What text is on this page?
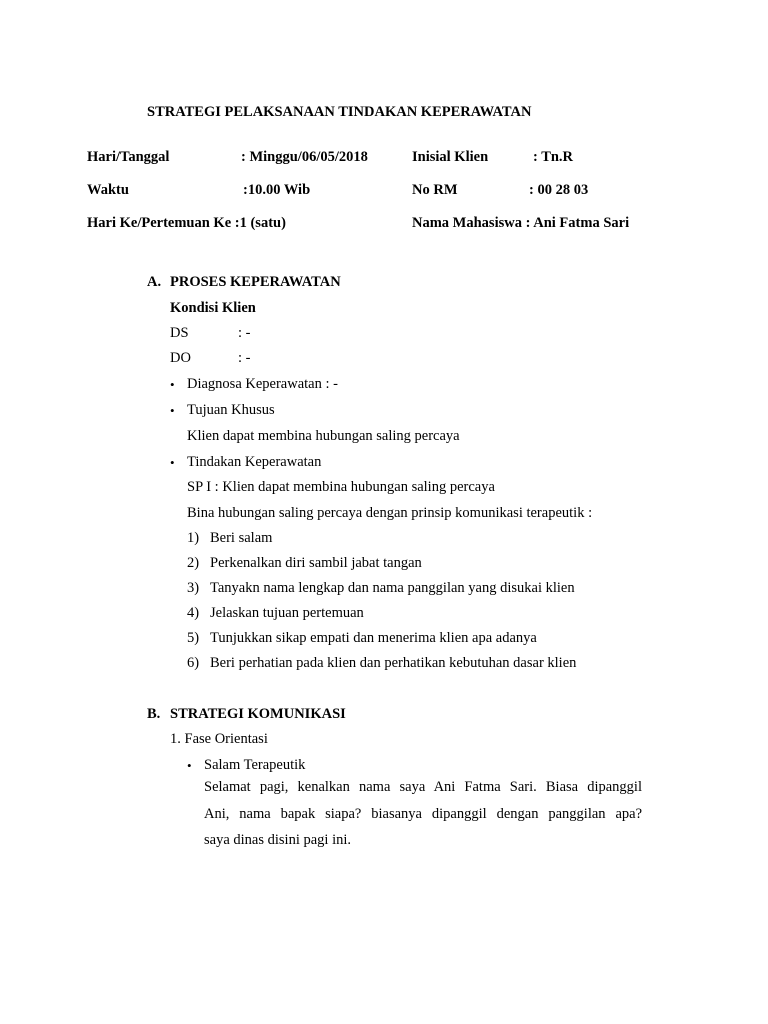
STRATEGI PELAKSANAAN TINDAKAN KEPERAWATAN
Hari/Tanggal	: Minggu/06/05/2018	Inisial Klien	: Tn.R
Waktu	:10.00 Wib	No RM	: 00 28 03
Hari Ke/Pertemuan Ke :1 (satu)	Nama Mahasiswa : Ani Fatma Sari
A. PROSES KEPERAWATAN
Kondisi Klien
DS	: -
DO	: -
• Diagnosa Keperawatan : -
• Tujuan Khusus
Klien dapat membina hubungan saling percaya
• Tindakan Keperawatan
SP I : Klien dapat membina hubungan saling percaya
Bina hubungan saling percaya dengan prinsip komunikasi terapeutik :
1) Beri salam
2) Perkenalkan diri sambil jabat tangan
3) Tanyakn nama lengkap dan nama panggilan yang disukai klien
4) Jelaskan tujuan pertemuan
5) Tunjukkan sikap empati dan menerima klien apa adanya
6) Beri perhatian pada klien dan perhatikan kebutuhan dasar klien
B. STRATEGI KOMUNIKASI
1. Fase Orientasi
• Salam Terapeutik
Selamat pagi, kenalkan nama saya Ani Fatma Sari. Biasa dipanggil
Ani, nama bapak siapa? biasanya dipanggil dengan panggilan apa?
saya dinas disini pagi ini.
